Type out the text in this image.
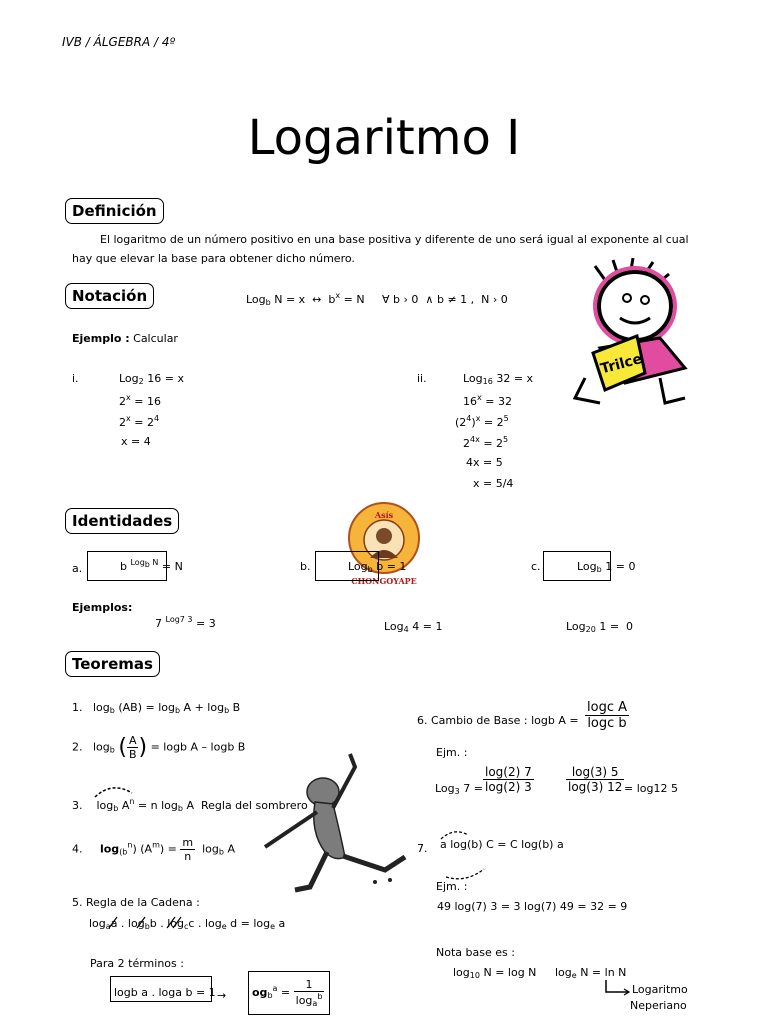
IVB / ÁLGEBRA / 4º
Logaritmo I
Definición
El logaritmo de un número positivo en una base positiva y diferente de uno será igual al exponente al cual hay que elevar la base para obtener dicho número.
Notación	Log$_b$ N = x  ↔  $b^x = N$     ∀ b › 0  ∧ b ≠ 1 ,  N › 0
Trilce
Ejemplo : Calcular
i.	Log$_2$ 16 = x
$2^x = 16$
$2^x = 2^4$
x = 4
ii.	Log$_{16}$ 32 = x
$16^x = 32$
$(2^4)^x = 2^5$
$2^{4x} = 2^5$
4x = 5
x = 5/4
Identidades	Asís
CHONGOYAPE
a.	b $^{Log_b N}$ = N	b.	Log$_b$ b = 1	c.	Log$_b$ 1 = 0
Ejemplos:
7 $^{Log7 3}$ = 3	Log$_4$ 4 = 1	Log$_{20}$ 1 =  0
Teoremas
1.   $\log_b (AB) = \log_b A + \log_b B$
2.   $\log_b$ ( $\frac{A}{B}$ ) = logb A – logb B
3.    $\log_b A^n = n$ $\log_b A$  Regla del sombrero
4. $\log_{(b}^n$) $(A^m) = \frac{m}{n} \log_b A$
5. Regla de la Cadena :
$\log_aa$ . $\log_bb$ . $\log_cc$ . $\log_e d = \log_e a$
Para 2 términos :
logb a . loga $b = 1 \to og_b^a = \frac{1}{\log_a^b}$
6. Cambio de Base : logb $A = \frac{\text{logc A}}{\text{logc b}}$
Ejm. :
Log$_3$ $7 = \frac{\log(2) 7}{\log(2) 3}$	$\frac{\log(3) 5}{\log(3) 12} = \log 12$ 5
7. a log(b) C = C log(b) a
Ejm. :
49 log(7) 3 = 3 log(7) 49 = 32 = 9
Nota base es :
$\log_{10} N = \log N$ $\log_e N = \ln N$
Logaritmo
Neperiano
